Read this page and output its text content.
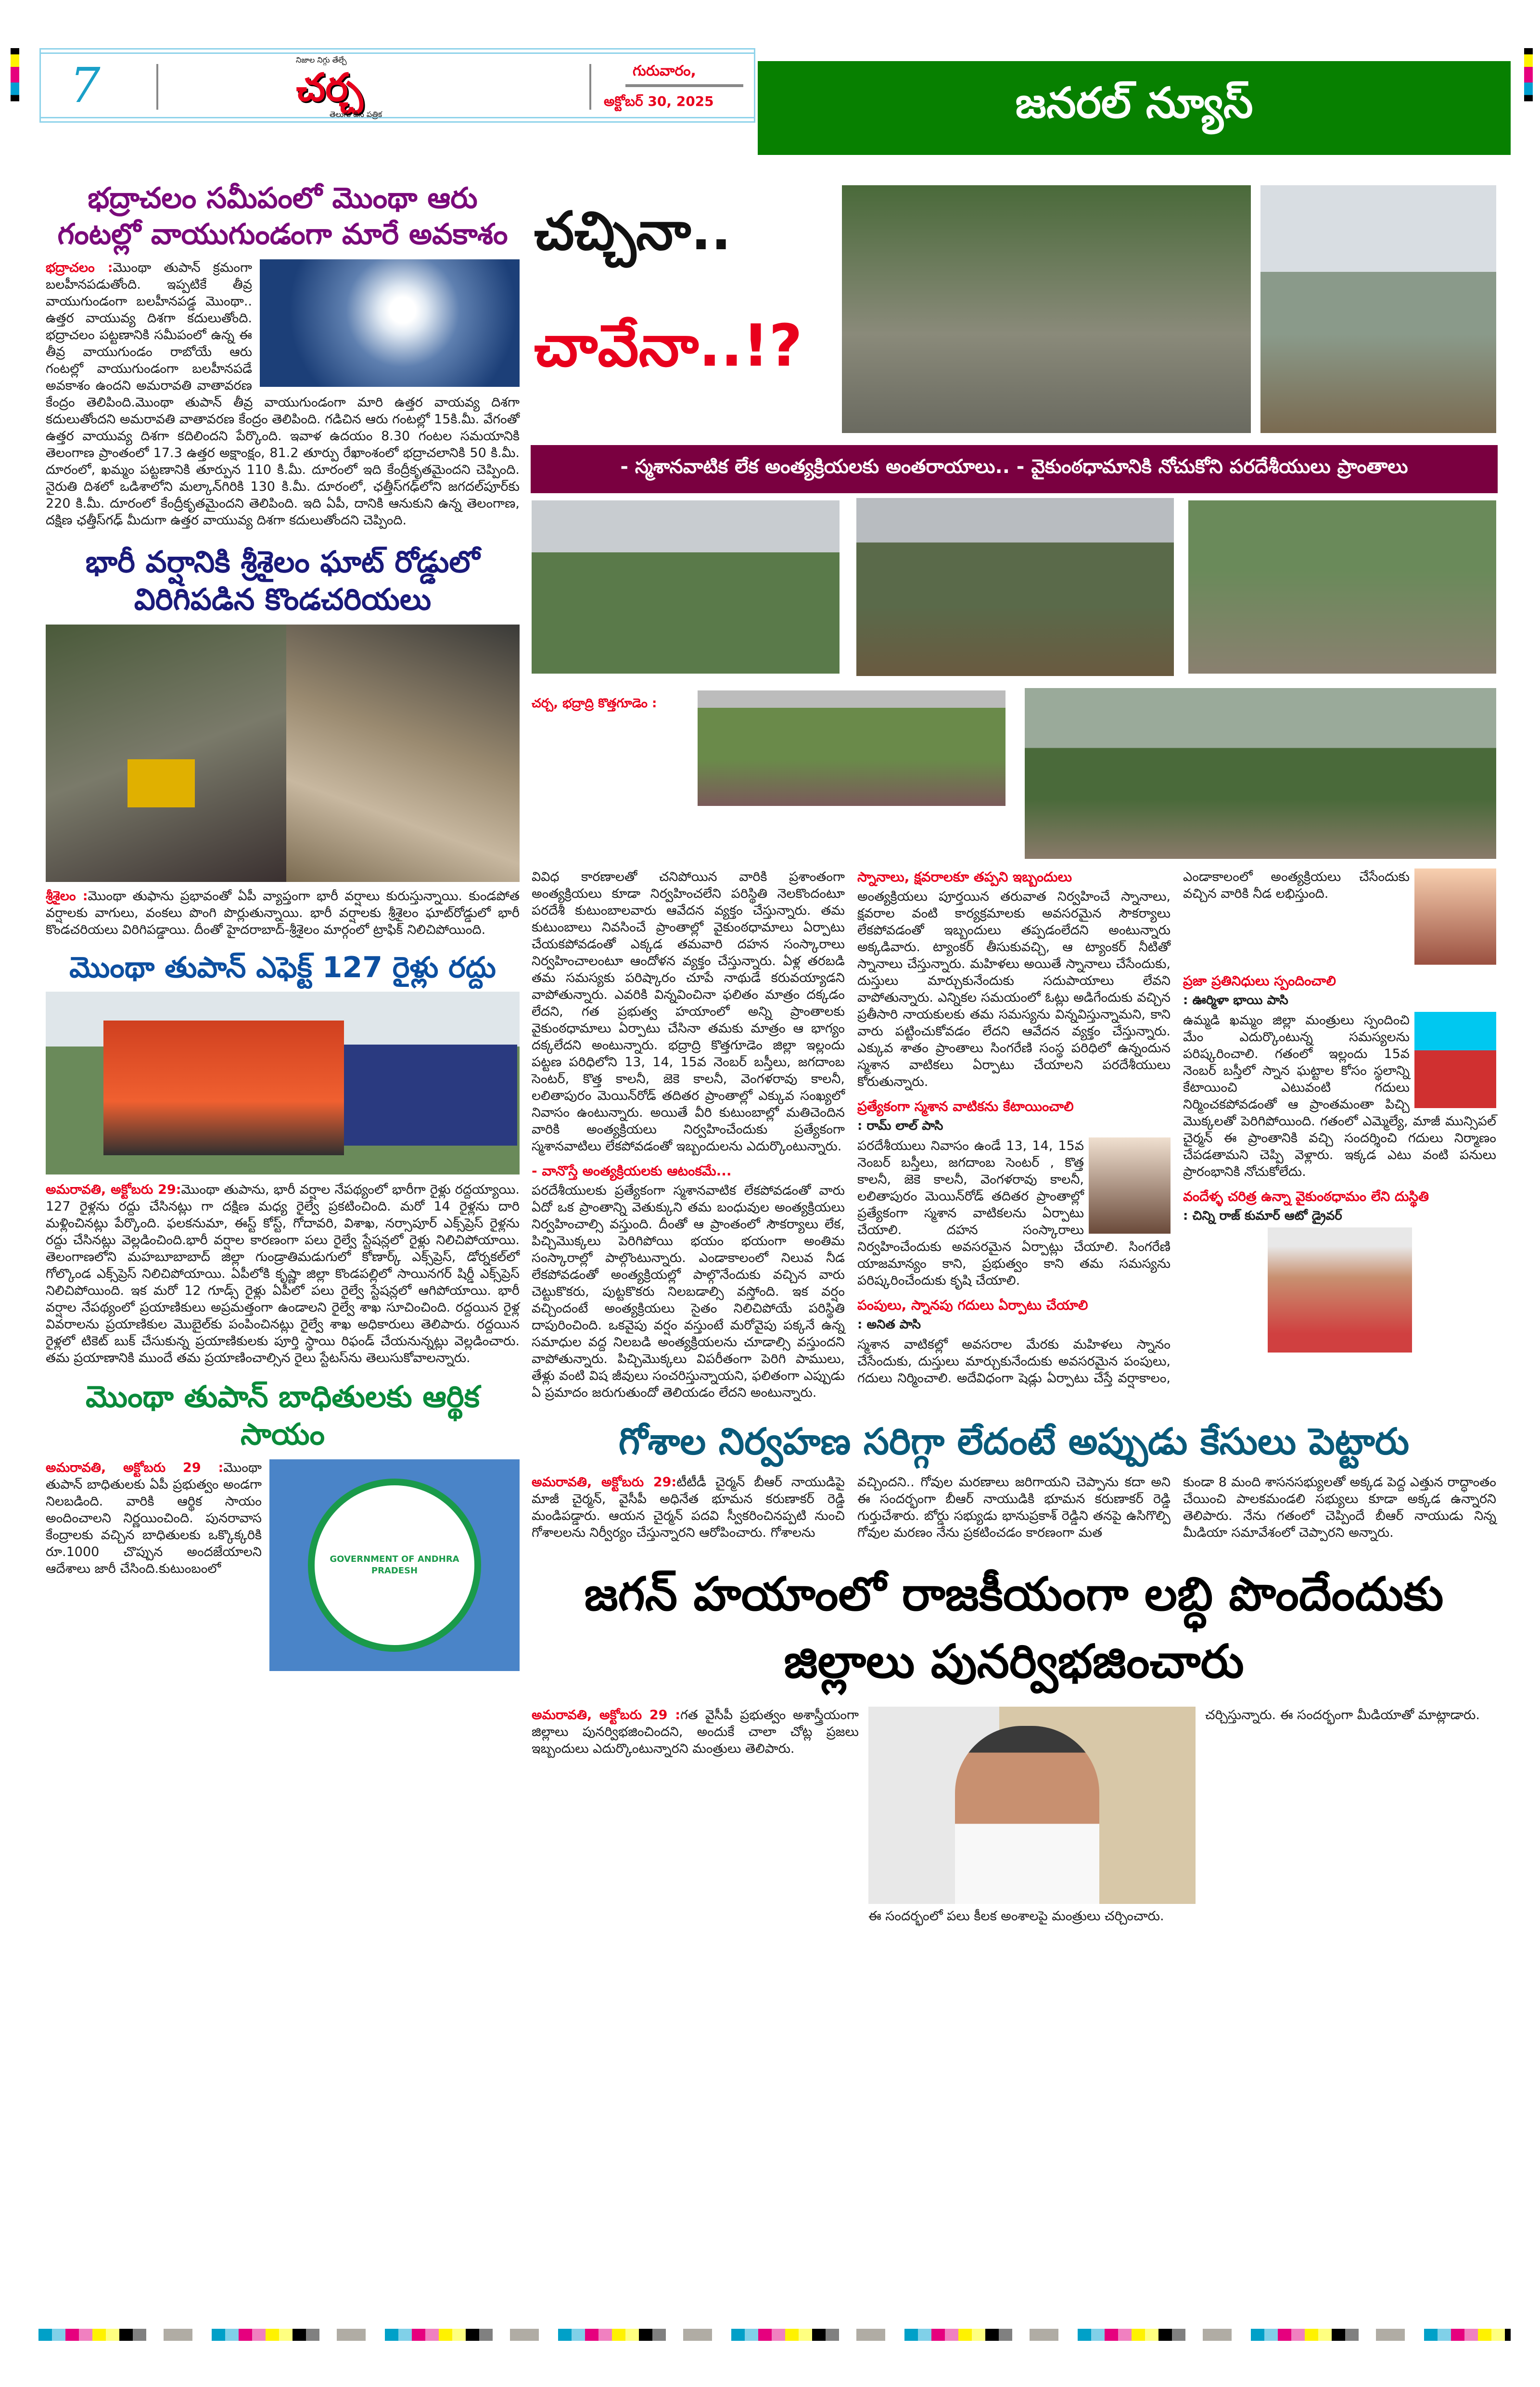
7	నిజాల నిగ్గు తేల్చే
చర్చ
తెలుగు దిన పత్రిక
గురువారం,
అక్టోబర్ 30, 2025	జనరల్ న్యూస్
భద్రాచలం సమీపంలో మొంథా ఆరు గంటల్లో వాయుగుండంగా మారే అవకాశం
భద్రాచలం :మొంథా తుపాన్ క్రమంగా బలహీనపడుతోంది. ఇప్పటికే తీవ్ర వాయుగుండంగా బలహీనపడ్డ మొంథా.. ఉత్తర వాయువ్య దిశగా కదులుతోంది. భద్రాచలం పట్టణానికి సమీపంలో ఉన్న ఈ తీవ్ర వాయుగుండం రాబోయే ఆరు గంటల్లో వాయుగుండంగా బలహీనపడే అవకాశం ఉందని అమరావతి వాతావరణ కేంద్రం తెలిపింది.మొంథా తుపాన్ తీవ్ర వాయుగుండంగా మారి ఉత్తర వాయవ్య దిశగా కదులుతోందని అమరావతి వాతావరణ కేంద్రం తెలిపింది. గడిచిన ఆరు గంటల్లో 15కి.మీ. వేగంతో ఉత్తర వాయువ్య దిశగా కదిలిందని పేర్కొంది. ఇవాళ ఉదయం 8.30 గంటల సమయానికి తెలంగాణ ప్రాంతంలో 17.3 ఉత్తర అక్షాంక్షం, 81.2 తూర్పు రేఖాంశంలో భద్రాచలానికి 50 కి.మీ. దూరంలో, ఖమ్మం పట్టణానికి తూర్పున 110 కి.మీ. దూరంలో ఇది కేంద్రీకృతమైందని చెప్పింది. నైరుతి దిశలో ఒడిశాలోని మల్కాన్‌గిరికి 130 కి.మీ. దూరంలో, ఛత్తీస్‌గఢ్‌లోని జగదల్‌పూర్‌కు 220 కి.మీ. దూరంలో కేంద్రీకృతమైందని తెలిపింది. ఇది ఏపీ, దానికి ఆనుకుని ఉన్న తెలంగాణ, దక్షిణ ఛత్తీస్‌గఢ్ మీదుగా ఉత్తర వాయువ్య దిశగా కదులుతోందని చెప్పింది.
భారీ వర్షానికి శ్రీశైలం ఘాట్ రోడ్డులో విరిగిపడిన కొండచరియలు
శ్రీశైలం :మొంథా తుఫాను ప్రభావంతో ఏపీ వ్యాప్తంగా భారీ వర్షాలు కురుస్తున్నాయి. కుండపోత వర్షాలకు వాగులు, వంకలు పొంగి పొర్లుతున్నాయి. భారీ వర్షాలకు శ్రీశైలం ఘాట్‌రోడ్డులో భారీ కొండచరియలు విరిగిపడ్డాయి. దీంతో హైదరాబాద్-శ్రీశైలం మార్గంలో ట్రాఫిక్ నిలిచిపోయింది.
మొంథా తుపాన్ ఎఫెక్ట్ 127 రైళ్లు రద్దు
అమరావతి, అక్టోబరు 29:మొంథా తుపాను, భారీ వర్షాల నేపథ్యంలో భారీగా రైళ్లు రద్దయ్యాయి. 127 రైళ్లను రద్దు చేసినట్లు గా దక్షిణ మధ్య రైల్వే ప్రకటించింది. మరో 14 రైళ్లను దారి మళ్లించినట్లు పేర్కొంది. ఫలకనుమా, ఈస్ట్ కోస్ట్, గోదావరి, విశాఖ, నర్సాపూర్ ఎక్స్‌ప్రెస్ రైళ్లను రద్దు చేసినట్లు వెల్లడించింది.భారీ వర్షాల కారణంగా పలు రైల్వే స్టేషన్లలో రైళ్లు నిలిచిపోయాయి. తెలంగాణలోని మహబూబాబాద్ జిల్లా గుండ్రాతిమడుగులో కోణార్క్ ఎక్స్‌ప్రెస్, డోర్నకల్‌లో గోల్కొండ ఎక్స్‌ప్రెస్ నిలిచిపోయాయి. ఏపీలోకి కృష్ణా జిల్లా కొండపల్లిలో సాయినగర్ షిర్డీ ఎక్స్‌ప్రెస్ నిలిచిపోయింది. ఇక మరో 12 గూడ్స్ రైళ్లు ఏపీలో పలు రైల్వే స్టేషన్లలో ఆగిపోయాయి. భారీ వర్షాల నేపథ్యంలో ప్రయాణికులు అప్రమత్తంగా ఉండాలని రైల్వే శాఖ సూచించింది. రద్దయిన రైళ్ల వివరాలను ప్రయాణికుల మొబైల్‌కు పంపించినట్లు రైల్వే శాఖ అధికారులు తెలిపారు. రద్దయిన రైళ్లలో టికెట్ బుక్ చేసుకున్న ప్రయాణికులకు పూర్తి స్థాయి రిఫండ్ చేయనున్నట్లు వెల్లడించారు. తమ ప్రయాణానికి ముందే తమ ప్రయాణించాల్సిన రైలు స్టేటస్‌ను తెలుసుకోవాలన్నారు.
మొంథా తుపాన్ బాధితులకు ఆర్థిక సాయం
GOVERNMENT OF ANDHRA PRADESH
అమరావతి, అక్టోబరు 29 :మొంథా తుపాన్ బాధితులకు ఏపీ ప్రభుత్వం అండగా నిలబడింది. వారికి ఆర్థిక సాయం అందించాలని నిర్ణయించింది. పునరావాస కేంద్రాలకు వచ్చిన బాధితులకు ఒక్కొక్కరికి రూ.1000 చొప్పున అందజేయాలని ఆదేశాలు జారీ చేసింది.కుటుంబంలో
చచ్చినా..
చావేనా..!?
- స్మశానవాటిక లేక అంత్యక్రియలకు అంతరాయాలు.. - వైకుంఠధామానికి నోచుకోని పరదేశీయులు ప్రాంతాలు
చర్చ, భద్రాద్రి కొత్తగూడెం :

వివిధ కారణాలతో చనిపోయిన వారికి ప్రశాంతంగా అంత్యక్రియలు కూడా నిర్వహించలేని పరిస్థితి నెలకొందంటూ పరదేశీ కుటుంబాలవారు ఆవేదన వ్యక్తం చేస్తున్నారు. తమ కుటుంబాలు నివసించే ప్రాంతాల్లో వైకుంఠధామాలు ఏర్పాటు చేయకపోవడంతో ఎక్కడ తమవారి దహన సంస్కారాలు నిర్వహించాలంటూ ఆందోళన వ్యక్తం చేస్తున్నారు. ఏళ్ల తరబడి తమ సమస్యకు పరిష్కారం చూపే నాథుడే కరువయ్యాడని వాపోతున్నారు. ఎవరికి విన్నవించినా ఫలితం మాత్రం దక్కడం లేదని, గత ప్రభుత్వ హయాంలో అన్ని ప్రాంతాలకు వైకుంఠధామాలు ఏర్పాటు చేసినా తమకు మాత్రం ఆ భాగ్యం దక్కలేదని అంటున్నారు. భద్రాద్రి కొత్తగూడెం జిల్లా ఇల్లందు పట్టణ పరిధిలోని 13, 14, 15వ నెంబర్ బస్తీలు, జగదాంబ సెంటర్, కొత్త కాలనీ, జెకె కాలనీ, వెంగళరావు కాలనీ, లలితాపురం మెయిన్‌రోడ్ తదితర ప్రాంతాల్లో ఎక్కువ సంఖ్యలో నివాసం ఉంటున్నారు. అయితే వీరి కుటుంబాల్లో మతిచెందిన వారికి అంత్యక్రియలు నిర్వహించేందుకు ప్రత్యేకంగా స్మశానవాటిలు లేకపోవడంతో ఇబ్బందులను ఎదుర్కొంటున్నారు.

- వానొస్తే అంత్యక్రియలకు ఆటంకమే...

పరదేశీయులకు ప్రత్యేకంగా స్మశానవాటిక లేకపోవడంతో వారు ఏదో ఒక ప్రాంతాన్ని వెతుక్కుని తమ బంధువుల అంత్యక్రియలు నిర్వహించాల్సి వస్తుంది. దీంతో ఆ ప్రాంతంలో సౌకర్యాలు లేక, పిచ్చిమొక్కలు పెరిగిపోయి భయం భయంగా అంతిమ సంస్కారాల్లో పాల్గొంటున్నారు. ఎండాకాలంలో నిలువ నీడ లేకపోవడంతో అంత్యక్రియల్లో పాల్గొనేందుకు వచ్చిన వారు చెట్టుకొకరు, పుట్టకొకరు నిలబడాల్సి వస్తోంది. ఇక వర్షం వచ్చిందంటే అంత్యక్రియలు సైతం నిలిచిపోయే పరిస్థితి దాపురించింది. ఒకవైపు వర్షం వస్తుంటే మరోవైపు పక్కనే ఉన్న సమాధుల వద్ద నిలబడి అంత్యక్రియలను చూడాల్సి వస్తుందని వాపోతున్నారు. పిచ్చిమొక్కలు విపరీతంగా పెరిగి పాములు, తేళ్లు వంటి విష జీవులు సంచరిస్తున్నాయని, ఫలితంగా ఎప్పుడు ఏ ప్రమాదం జరుగుతుందో తెలియడం లేదని అంటున్నారు.

స్నానాలు, క్షవరాలకూ తప్పని ఇబ్బందులు

అంత్యక్రియలు పూర్తయిన తరువాత నిర్వహించే స్నానాలు, క్షవరాల వంటి కార్యక్రమాలకు అవసరమైన సౌకర్యాలు లేకపోవడంతో ఇబ్బందులు తప్పడంలేదని అంటున్నారు అక్కడివారు. ట్యాంకర్ తీసుకువచ్చి, ఆ ట్యాంకర్ నీటితో స్నానాలు చేస్తున్నారు. మహిళలు అయితే స్నానాలు చేసేందుకు, దుస్తులు మార్చుకునేందుకు సదుపాయాలు లేవని వాపోతున్నారు. ఎన్నికల సమయంలో ఓట్లు అడిగేందుకు వచ్చిన ప్రతీసారి నాయకులకు తమ సమస్యను విన్నవిస్తున్నామని, కాని వారు పట్టించుకోవడం లేదని ఆవేదన వ్యక్తం చేస్తున్నారు. ఎక్కువ శాతం ప్రాంతాలు సింగరేణి సంస్థ పరిధిలో ఉన్నందున స్మశాన వాటికలు ఏర్పాటు చేయాలని పరదేశీయులు కోరుతున్నారు.

ప్రత్యేకంగా స్మశాన వాటికను కేటాయించాలి
: రామ్ లాల్ పాసి

పరదేశీయులు నివాసం ఉండే 13, 14, 15వ నెంబర్ బస్తీలు, జగదాంబ సెంటర్ , కొత్త కాలనీ, జెకె కాలనీ, వెంగళరావు కాలనీ, లలితాపురం మెయిన్‌రోడ్ తదితర ప్రాంతాల్లో ప్రత్యేకంగా స్మశాన వాటికలను ఏర్పాటు చేయాలి. దహన సంస్కారాలు నిర్వహించేందుకు అవసరమైన ఏర్పాట్లు చేయాలి. సింగరేణి యాజమాన్యం కాని, ప్రభుత్వం కాని తమ సమస్యను పరిష్కరించేందుకు కృషి చేయాలి.

పంపులు, స్నానపు గదులు ఏర్పాటు చేయాలి
: అనిత పాసి

స్మశాన వాటికల్లో అవసరాల మేరకు మహిళలు స్నానం చేసేందుకు, దుస్తులు మార్చుకునేందుకు అవసరమైన పంపులు, గదులు నిర్మించాలి. అదేవిధంగా షెడ్లు ఏర్పాటు చేస్తే వర్షాకాలం, ఎండాకాలంలో అంత్యక్రియలు చేసేందుకు వచ్చిన వారికి నీడ లభిస్తుంది.

ప్రజా ప్రతినిధులు స్పందించాలి
: ఊర్మిళా భాయి పాసి

ఉమ్మడి ఖమ్మం జిల్లా మంత్రులు స్పందించి మేం ఎదుర్కొంటున్న సమస్యలను పరిష్కరించాలి. గతంలో ఇల్లందు 15వ నెంబర్ బస్తీలో స్నాన ఘట్టాల కోసం స్థలాన్ని కేటాయించి ఎటువంటి గదులు నిర్మించకపోవడంతో ఆ ప్రాంతమంతా పిచ్చి మొక్కలతో పెరిగిపోయింది. గతంలో ఎమ్మెల్యే, మాజీ మున్సిపల్ చైర్మన్ ఈ ప్రాంతానికి వచ్చి సందర్శించి గదులు నిర్మాణం చేపడతామని చెప్పి వెళ్లారు. ఇక్కడ ఎటు వంటి పనులు ప్రారంభానికి నోచుకోలేదు.

వందేళ్ళ చరిత్ర ఉన్నా వైకుంఠధామం లేని దుస్థితి
: చిన్ని రాజ్ కుమార్ ఆటో డ్రైవర్
గోశాల నిర్వహణ సరిగ్గా లేదంటే అప్పుడు కేసులు పెట్టారు
అమరావతి, అక్టోబరు 29:టీటీడీ చైర్మన్ బీఆర్ నాయుడిపై మాజీ చైర్మన్, వైసీపీ అధినేత భూమన కరుణాకర్ రెడ్డి మండిపడ్డారు. ఆయన చైర్మన్ పదవి స్వీకరించినప్పటి నుంచి గోశాలలను నిర్వీర్యం చేస్తున్నారని ఆరోపించారు. గోశాలను
వచ్చిందని.. గోవుల మరణాలు జరిగాయని చెప్పాను కదా అని ఈ సందర్భంగా బీఆర్ నాయుడికి భూమన కరుణాకర్ రెడ్డి గుర్తుచేశారు. బోర్డు సభ్యుడు భానుప్రకాశ్ రెడ్డిని తనపై ఉసిగొల్పి గోవుల మరణం నేను ప్రకటించడం కారణంగా మత
కుండా 8 మంది శాసనసభ్యులతో అక్కడ పెద్ద ఎత్తున రాద్ధాంతం చేయించి పాలకమండలి సభ్యులు కూడా అక్కడ ఉన్నారని తెలిపారు. నేను గతంలో చెప్పిందే బీఆర్ నాయుడు నిన్న మీడియా సమావేశంలో చెప్పారని అన్నారు.
జగన్ హయాంలో రాజకీయంగా లబ్ధి పొందేందుకు జిల్లాలు పునర్విభజించారు
అమరావతి, అక్టోబరు 29 :గత వైసీపీ ప్రభుత్వం అశాస్త్రీయంగా జిల్లాలు పునర్విభజించిందని, అందుకే చాలా చోట్ల ప్రజలు ఇబ్బందులు ఎదుర్కొంటున్నారని మంత్రులు తెలిపారు.
ఈ సందర్భంలో పలు కీలక అంశాలపై మంత్రులు చర్చించారు.
చర్చిస్తున్నారు. ఈ సందర్భంగా మీడియాతో మాట్లాడారు.
